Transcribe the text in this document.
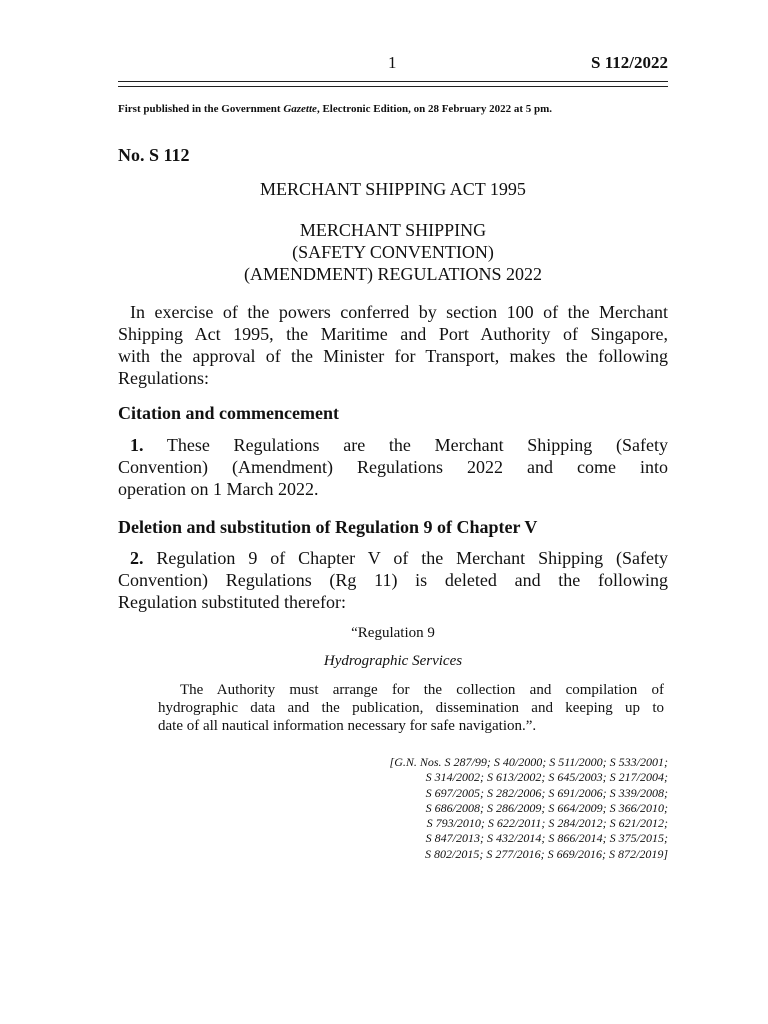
1	S 112/2022
First published in the Government Gazette, Electronic Edition, on 28 February 2022 at 5 pm.
No. S 112
MERCHANT SHIPPING ACT 1995
MERCHANT SHIPPING
(SAFETY CONVENTION)
(AMENDMENT) REGULATIONS 2022
In exercise of the powers conferred by section 100 of the Merchant
Shipping Act 1995, the Maritime and Port Authority of Singapore,
with the approval of the Minister for Transport, makes the following
Regulations:
Citation and commencement
1. These Regulations are the Merchant Shipping (Safety
Convention) (Amendment) Regulations 2022 and come into
operation on 1 March 2022.
Deletion and substitution of Regulation 9 of Chapter V
2. Regulation 9 of Chapter V of the Merchant Shipping (Safety
Convention) Regulations (Rg 11) is deleted and the following
Regulation substituted therefor:
“Regulation 9
Hydrographic Services
The Authority must arrange for the collection and compilation of
hydrographic data and the publication, dissemination and keeping up to
date of all nautical information necessary for safe navigation.”.
[G.N. Nos. S 287/99; S 40/2000; S 511/2000; S 533/2001;
S 314/2002; S 613/2002; S 645/2003; S 217/2004;
S 697/2005; S 282/2006; S 691/2006; S 339/2008;
S 686/2008; S 286/2009; S 664/2009; S 366/2010;
S 793/2010; S 622/2011; S 284/2012; S 621/2012;
S 847/2013; S 432/2014; S 866/2014; S 375/2015;
S 802/2015; S 277/2016; S 669/2016; S 872/2019]
